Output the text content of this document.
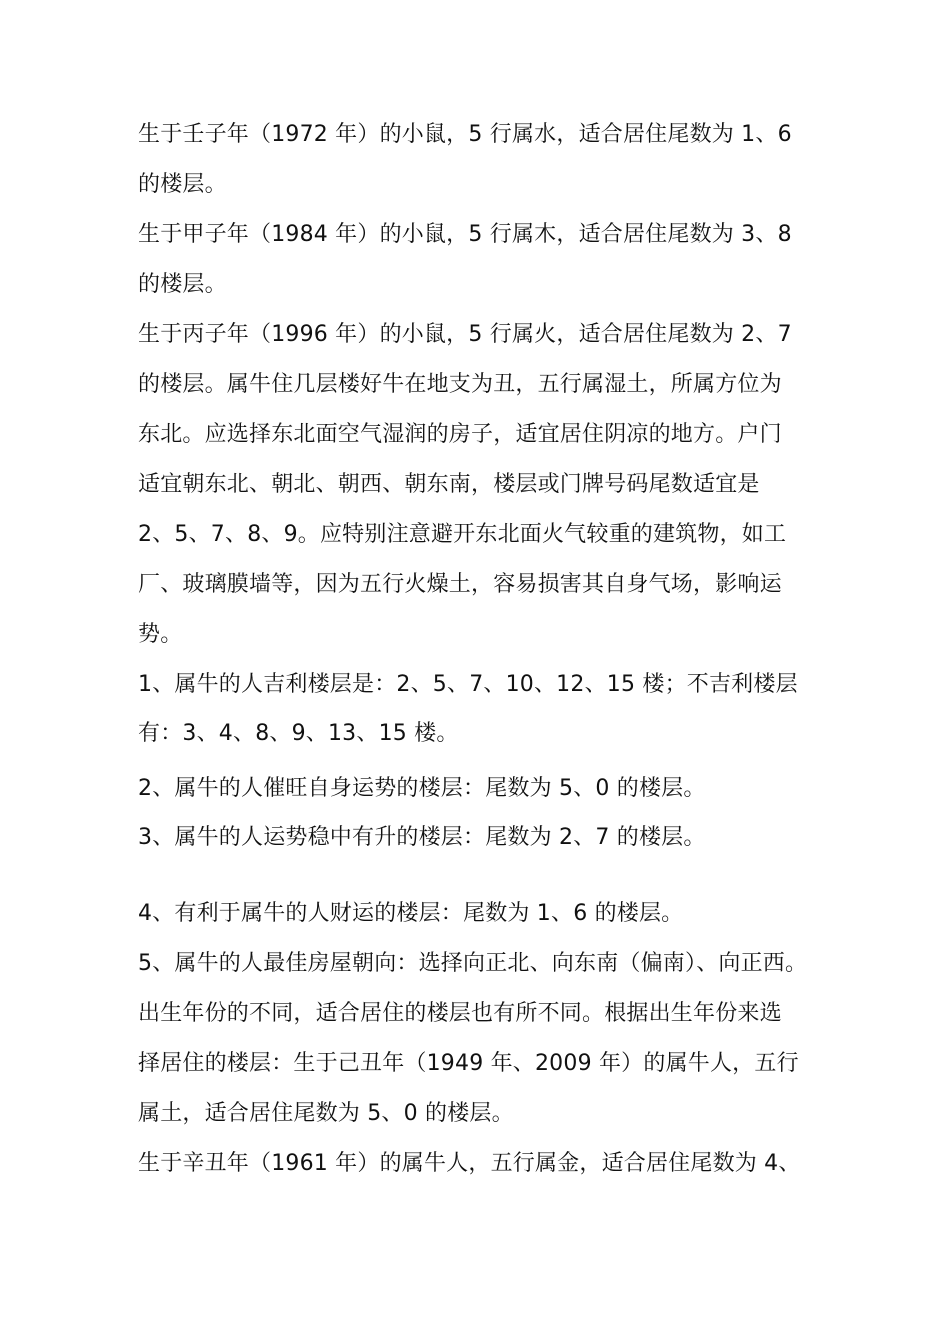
生于壬子年（1972 年）的小鼠，5 行属水，适合居住尾数为 1、6
的楼层。
生于甲子年（1984 年）的小鼠，5 行属木，适合居住尾数为 3、8
的楼层。
生于丙子年（1996 年）的小鼠，5 行属火，适合居住尾数为 2、7
的楼层。属牛住几层楼好牛在地支为丑，五行属湿土，所属方位为
东北。应选择东北面空气湿润的房子，适宜居住阴凉的地方。户门
适宜朝东北、朝北、朝西、朝东南，楼层或门牌号码尾数适宜是
2、5、7、8、9。应特别注意避开东北面火气较重的建筑物，如工
厂、玻璃膜墙等，因为五行火燥土，容易损害其自身气场，影响运
势。
1、属牛的人吉利楼层是：2、5、7、10、12、15 楼；不吉利楼层
有：3、4、8、9、13、15 楼。
2、属牛的人催旺自身运势的楼层：尾数为 5、0 的楼层。
3、属牛的人运势稳中有升的楼层：尾数为 2、7 的楼层。
4、有利于属牛的人财运的楼层：尾数为 1、6 的楼层。
5、属牛的人最佳房屋朝向：选择向正北、向东南（偏南）、向正西。
出生年份的不同，适合居住的楼层也有所不同。根据出生年份来选
择居住的楼层：生于己丑年（1949 年、2009 年）的属牛人，五行
属土，适合居住尾数为 5、0 的楼层。
生于辛丑年（1961 年）的属牛人，五行属金，适合居住尾数为 4、
